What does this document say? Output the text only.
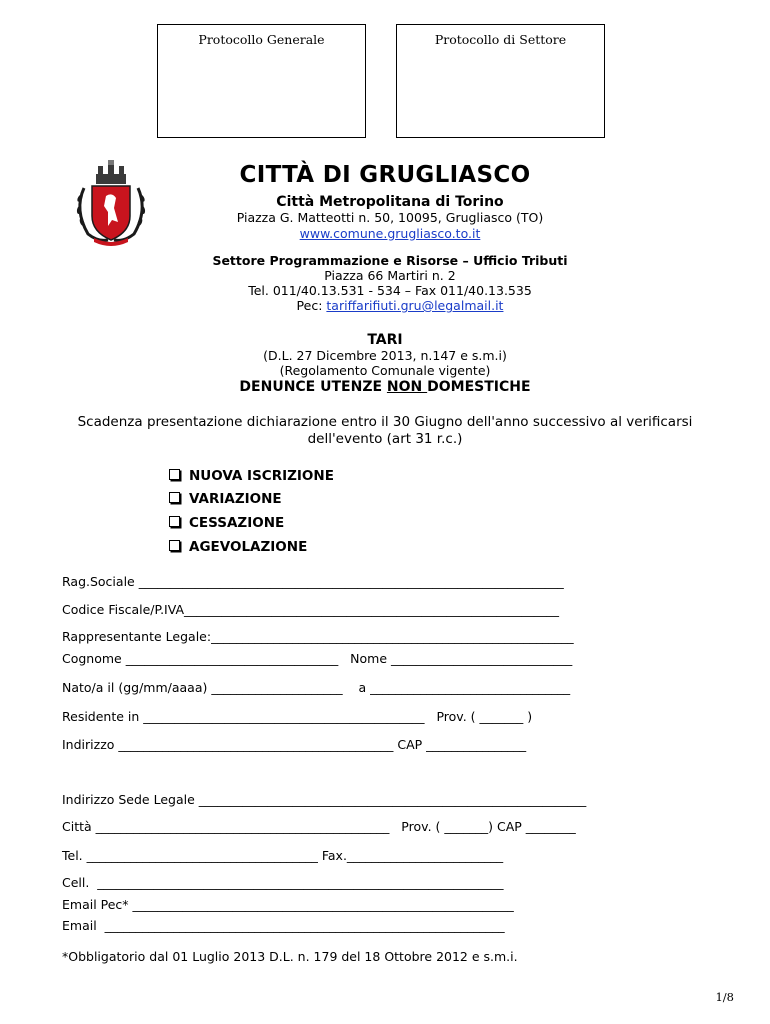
Protocollo Generale	Protocollo di Settore
CITTÀ DI GRUGLIASCO
Città Metropolitana di Torino
Piazza G. Matteotti n. 50, 10095, Grugliasco (TO)
www.comune.grugliasco.to.it
Settore Programmazione e Risorse – Ufficio Tributi
Piazza 66 Martiri n. 2
Tel. 011/40.13.531 - 534 – Fax 011/40.13.535
Pec: tariffarifiuti.gru@legalmail.it
TARI
(D.L. 27 Dicembre 2013, n.147 e s.m.i)
(Regolamento Comunale vigente)
DENUNCE UTENZE NON DOMESTICHE
Scadenza presentazione dichiarazione entro il 30 Giugno dell'anno successivo al verificarsi
dell'evento (art 31 r.c.)
NUOVA ISCRIZIONE
VARIAZIONE
CESSAZIONE
AGEVOLAZIONE
Rag.Sociale ____________________________________________________________________
Codice Fiscale/P.IVA____________________________________________________________
Rappresentante Legale:__________________________________________________________
Cognome __________________________________   Nome _____________________________
Nato/a il (gg/mm/aaaa) _____________________    a ________________________________
Residente in _____________________________________________   Prov. ( _______ )
Indirizzo ____________________________________________ CAP ________________
Indirizzo Sede Legale ______________________________________________________________
Città _______________________________________________   Prov. ( _______) CAP ________
Tel. _____________________________________ Fax._________________________
Cell.  _________________________________________________________________
Email Pec* _____________________________________________________________
Email  ________________________________________________________________
*Obbligatorio dal 01 Luglio 2013 D.L. n. 179 del 18 Ottobre 2012 e s.m.i.
1/8
